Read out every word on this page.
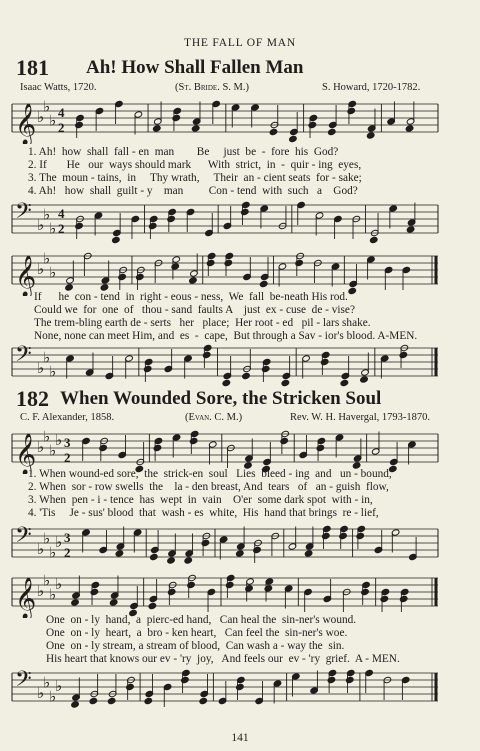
THE FALL OF MAN
181 Ah! How Shall Fallen Man
Isaac Watts, 1720.	(St. Bride. S. M.)	S. Howard, 1720-1782.
𝄞 ♭
♭
♭ 4
2
1. Ah!  how  shall  fall - en  man        Be     just  be  -  fore  his  God?
2. If       He   our  ways should mark      With  strict,  in  -  quir - ing  eyes,
3. The  moun - tains,  in     Thy wrath,     Their  an - cient seats  for - sake;
4. Ah!   how  shall  guilt - y    man         Con - tend  with  such   a    God?
𝄢 ♭
♭
♭
4
2
𝄞 ♭
♭
♭
If      he  con - tend  in  right - eous - ness,  We  fall  be-neath His rod.
Could we  for  one  of   thou - sand  faults A    just  ex - cuse  de - vise?
The trem-bling earth de - serts   her   place;  Her root - ed   pil - lars shake.
None, none can meet Him, and  es  -  cape,  But through a Sav - ior's blood. A-MEN.
𝄢 ♭
♭
♭
182 When Wounded Sore, the Stricken Soul
C. F. Alexander, 1858.	(Evan. C. M.)	Rev. W. H. Havergal, 1793-1870.
𝄞 ♭
♭
♭
♭ 3
2
1. When wound-ed sore,  the  strick-en  soul   Lies  bleed - ing  and   un - bound,
2. When  sor - row swells  the    la - den breast, And  tears   of   an - guish  flow,
3. When  pen - i - tence  has  wept  in  vain    O'er  some dark spot  with - in,
4. 'Tis     Je - sus' blood  that  wash - es  white,  His  hand that brings  re - lief,
𝄢 ♭
♭
♭
♭ 3
2
𝄞 ♭
♭
♭
♭
One  on - ly  hand,  a  pierc-ed hand,   Can heal the  sin-ner's wound.
One  on - ly  heart,  a  bro - ken heart,   Can feel the  sin-ner's woe.
One  on - ly stream, a stream of blood,  Can wash a - way the  sin.
His heart that knows our ev - 'ry  joy,   And feels our  ev - 'ry  grief.  A - MEN.
𝄢 ♭
♭
♭
♭
141
